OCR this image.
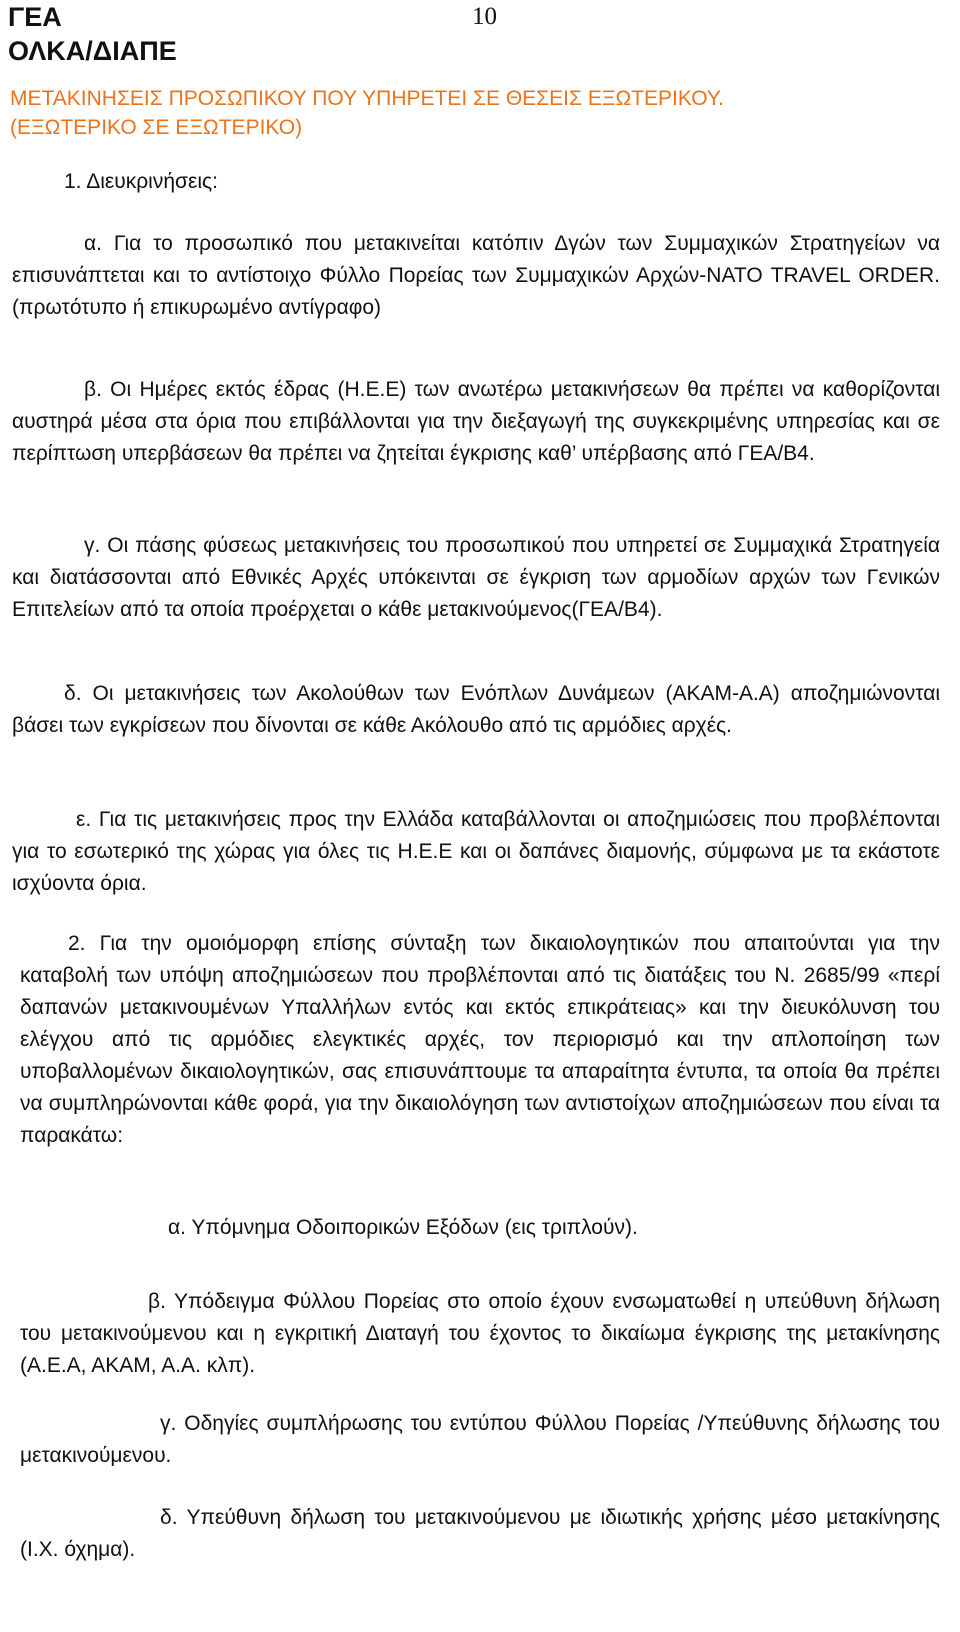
ΓΕΑ
ΟΛΚΑ/ΔΙΑΠΕ
10
ΜΕΤΑΚΙΝΗΣΕΙΣ ΠΡΟΣΩΠΙΚΟΥ ΠΟΥ ΥΠΗΡΕΤΕΙ ΣΕ ΘΕΣΕΙΣ ΕΞΩΤΕΡΙΚΟΥ.
(ΕΞΩΤΕΡΙΚΟ ΣΕ ΕΞΩΤΕΡΙΚΟ)
1. Διευκρινήσεις:
α. Για το προσωπικό που μετακινείται κατόπιν Δγών των Συμμαχικών Στρατηγείων να επισυνάπτεται και το αντίστοιχο Φύλλο Πορείας των Συμμαχικών Αρχών-NATO TRAVEL ORDER.(πρωτότυπο ή επικυρωμένο αντίγραφο)
β. Οι Ημέρες εκτός έδρας (Η.Ε.Ε) των ανωτέρω μετακινήσεων θα πρέπει να καθορίζονται αυστηρά μέσα στα όρια που επιβάλλονται για την διεξαγωγή της συγκεκριμένης υπηρεσίας και σε περίπτωση υπερβάσεων θα πρέπει να ζητείται έγκρισης καθ’ υπέρβασης από ΓΕΑ/Β4.
γ. Οι πάσης φύσεως μετακινήσεις του προσωπικού που υπηρετεί σε Συμμαχικά Στρατηγεία και διατάσσονται από Εθνικές Αρχές υπόκεινται σε έγκριση των αρμοδίων αρχών των Γενικών Επιτελείων από τα οποία προέρχεται ο κάθε μετακινούμενος(ΓΕΑ/Β4).
δ. Οι μετακινήσεις των Ακολούθων των Ενόπλων Δυνάμεων (ΑΚΑΜ-Α.Α) αποζημιώνονται βάσει των εγκρίσεων που δίνονται σε κάθε Ακόλουθο από τις αρμόδιες αρχές.
ε. Για τις μετακινήσεις προς την Ελλάδα καταβάλλονται οι αποζημιώσεις που προβλέπονται για το εσωτερικό της χώρας για όλες τις Η.Ε.Ε και οι δαπάνες διαμονής, σύμφωνα με τα εκάστοτε ισχύοντα όρια.
2. Για την ομοιόμορφη επίσης σύνταξη των δικαιολογητικών που απαιτούνται για την καταβολή των υπόψη αποζημιώσεων που προβλέπονται από τις διατάξεις του Ν. 2685/99 «περί δαπανών μετακινουμένων Υπαλλήλων εντός και εκτός επικράτειας» και την διευκόλυνση του ελέγχου από τις αρμόδιες ελεγκτικές αρχές, τον περιορισμό και την απλοποίηση των υποβαλλομένων δικαιολογητικών, σας επισυνάπτουμε τα απαραίτητα έντυπα, τα οποία θα πρέπει να συμπληρώνονται κάθε φορά, για την δικαιολόγηση των αντιστοίχων αποζημιώσεων που είναι τα παρακάτω:
α. Υπόμνημα Οδοιπορικών Εξόδων (εις τριπλούν).
β. Υπόδειγμα Φύλλου Πορείας στο οποίο έχουν ενσωματωθεί η υπεύθυνη δήλωση του μετακινούμενου και η εγκριτική Διαταγή του έχοντος το δικαίωμα έγκρισης της μετακίνησης (Α.Ε.Α, ΑΚΑΜ, Α.Α. κλπ).
γ. Οδηγίες συμπλήρωσης του εντύπου Φύλλου Πορείας /Υπεύθυνης δήλωσης του μετακινούμενου.
δ. Υπεύθυνη δήλωση του μετακινούμενου με ιδιωτικής χρήσης μέσο μετακίνησης (Ι.Χ. όχημα).
